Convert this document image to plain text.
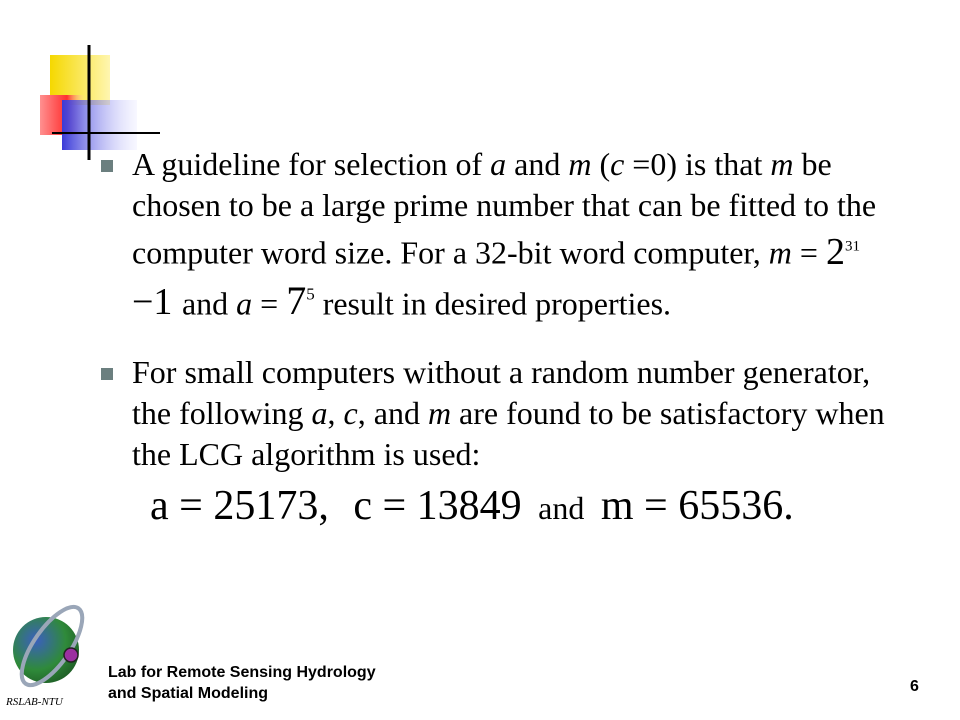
A guideline for selection of a and m (c =0) is that m be chosen to be a large prime number that can be fitted to the computer word size. For a 32-bit word computer, $m = 2^{31} -1$ and $a = 7^5$ result in desired properties.

For small computers without a random number generator, the following a, c, and m are found to be satisfactory when the LCG algorithm is used:

a = 25173, c = 13849 and m = 65536.
Lab for Remote Sensing Hydrology
and Spatial Modeling	6
RSLAB-NTU
